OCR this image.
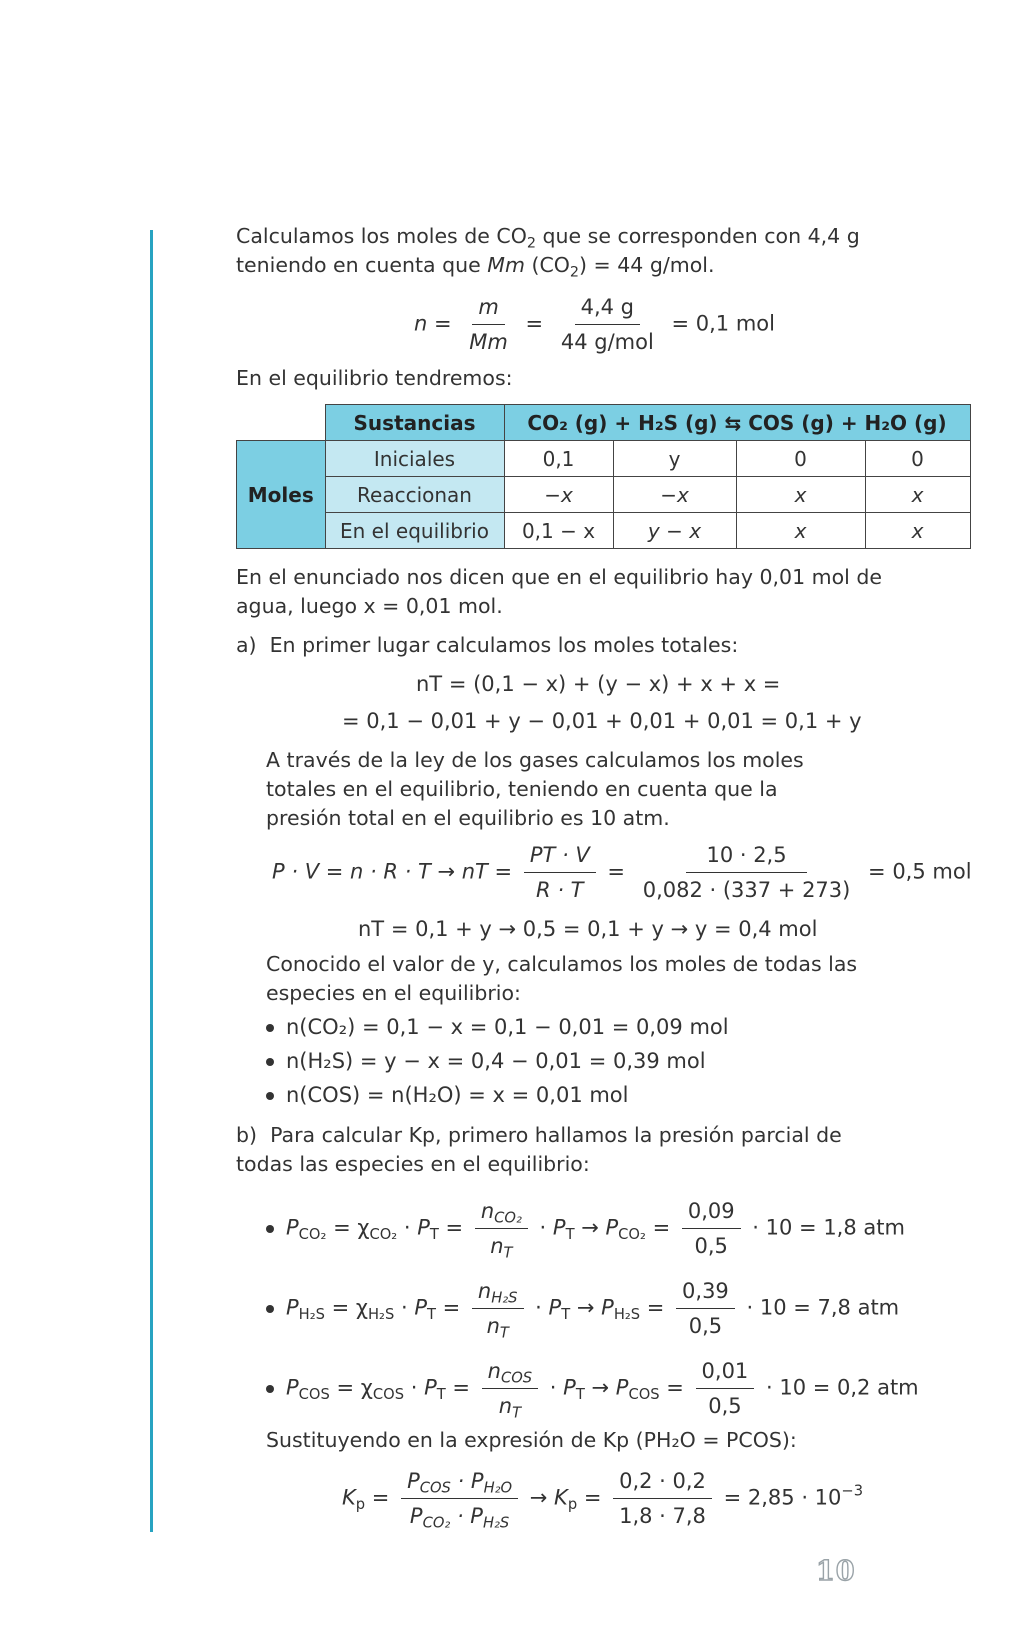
Calculamos los moles de $CO_2$ que se corresponden con 4,4 g teniendo en cuenta que Mm $(CO_2) = 44$ g/mol.

$n = \frac{m}{Mm} = \frac{4,4 g}{\text{44 g/mol}} = 0,1$ mol

En el equilibrio tendremos:

	Sustancias	CO₂ (g) + H₂S (g) ⇆ COS (g) + H₂O (g)			
Moles	Iniciales	0,1	y	0	0
	Reaccionan	−x	−x	x	x
	En el equilibrio	0,1 − x	y − x	x	x

En el enunciado nos dicen que en el equilibrio hay 0,01 mol de agua, luego x = 0,01 mol.

a) En primer lugar calculamos los moles totales:

nT = (0,1 − x) + (y − x) + x + x =
= 0,1 − 0,01 + y − 0,01 + 0,01 + 0,01 = 0,1 + y

A través de la ley de los gases calculamos los moles totales en el equilibrio, teniendo en cuenta que la presión total en el equilibrio es 10 atm.

P · V = n · R · T → nT = $\frac{PT \cdot V}{R \cdot T} = \frac{10 \cdot 2,5}{0,082 \cdot (337 + 273)} = 0,5$ mol
nT = 0,1 + y → 0,5 = 0,1 + y → y = 0,4 mol

Conocido el valor de y, calculamos los moles de todas las especies en el equilibrio:

n(CO₂) = 0,1 − x = 0,1 − 0,01 = 0,09 mol
n(H₂S) = y − x = 0,4 − 0,01 = 0,39 mol
n(COS) = n(H₂O) = x = 0,01 mol

b) Para calcular Kp, primero hallamos la presión parcial de todas las especies en el equilibrio:

$P_{CO_2} = \chi_{CO_2} \cdot P_T = \frac{n_{CO_2}}{n_T} \cdot P_T \to P_{CO_2} = \frac{0,09}{0,5} \cdot 10 = 1,8$ atm
$P_{H_2S} = \chi_{H_2S} \cdot P_T = \frac{n_{H_2S}}{n_T} \cdot P_T \to P_{H_2S} = \frac{0,39}{0,5} \cdot 10 = 7,8$ atm
$P_{COS} = \chi_{COS} \cdot P_T = \frac{n_{COS}}{n_T} \cdot P_T \to P_{COS} = \frac{0,01}{0,5} \cdot 10 = 0,2$ atm

Sustituyendo en la expresión de Kp (PH₂O = PCOS):

$K_p = \frac{P_{COS} \cdot P_{H_2O}}{P_{CO_2} \cdot P_{H_2S}} \to K_p = \frac{0,2 \cdot 0,2}{1,8 \cdot 7,8} = 2,85 \cdot 10^{-3}$
10
